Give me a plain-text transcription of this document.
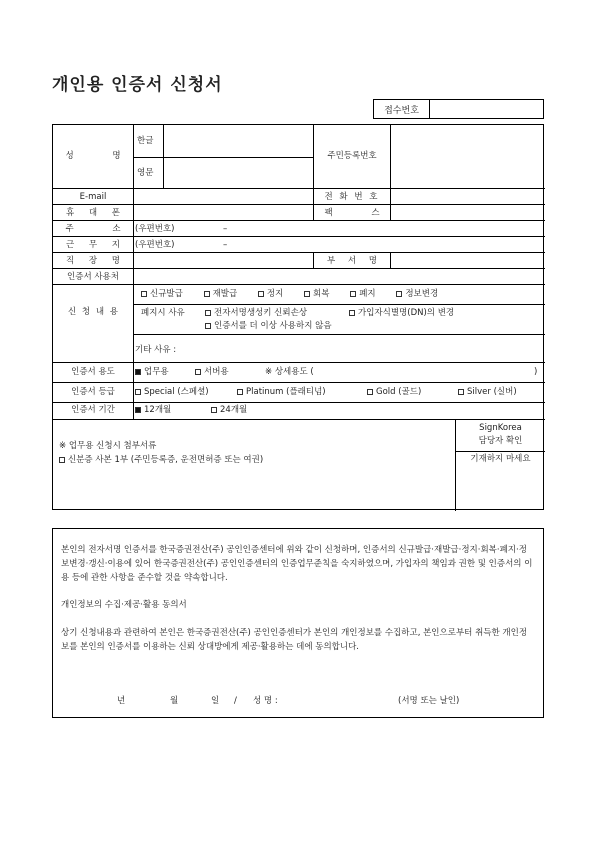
개인용 인증서 신청서
접수번호
성 명
한글
영문
주민등록번호
E-mail	전 화 번 호
휴 대 폰	팩 스
주 소	(우편번호)	–
근 무 지	(우편번호)	–
직 장 명	부 서 명
인증서 사용처
신 청 내 용
신규발급	재발급	정지	회복	폐지	정보변경
폐지시 사유	전자서명생성키 신뢰손상	가입자식별명(DN)의 변경
인증서를 더 이상 사용하지 않음
기타 사유 :
인증서 용도	업무용	서버용	※ 상세용도 (	)
인증서 등급	Special (스페셜)	Platinum (플래티넘)	Gold (골드)	Silver (실버)
인증서 기간	12개월	24개월
※ 업무용 신청시 첨부서류
신분증 사본 1부 (주민등록증, 운전면허증 또는 여권)
SignKorea
담당자 확인
기재하지 마세요

본인의 전자서명 인증서를 한국증권전산(주) 공인인증센터에 위와 같이 신청하며, 인증서의 신규발급·재발급·정지·회복·폐지·정보변경·갱신·이용에 있어 한국증권전산(주) 공인인증센터의 인증업무준칙을 숙지하였으며, 가입자의 책임과 권한 및 인증서의 이용 등에 관한 사항을 준수할 것을 약속합니다.

개인정보의 수집·제공·활용 동의서

상기 신청내용과 관련하여 본인은 한국증권전산(주) 공인인증센터가 본인의 개인정보를 수집하고, 본인으로부터 취득한 개인정보를 본인의 인증서를 이용하는 신뢰 상대방에게 제공·활용하는 데에 동의합니다.

년	월	일 / 성 명 :	(서명 또는 날인)
